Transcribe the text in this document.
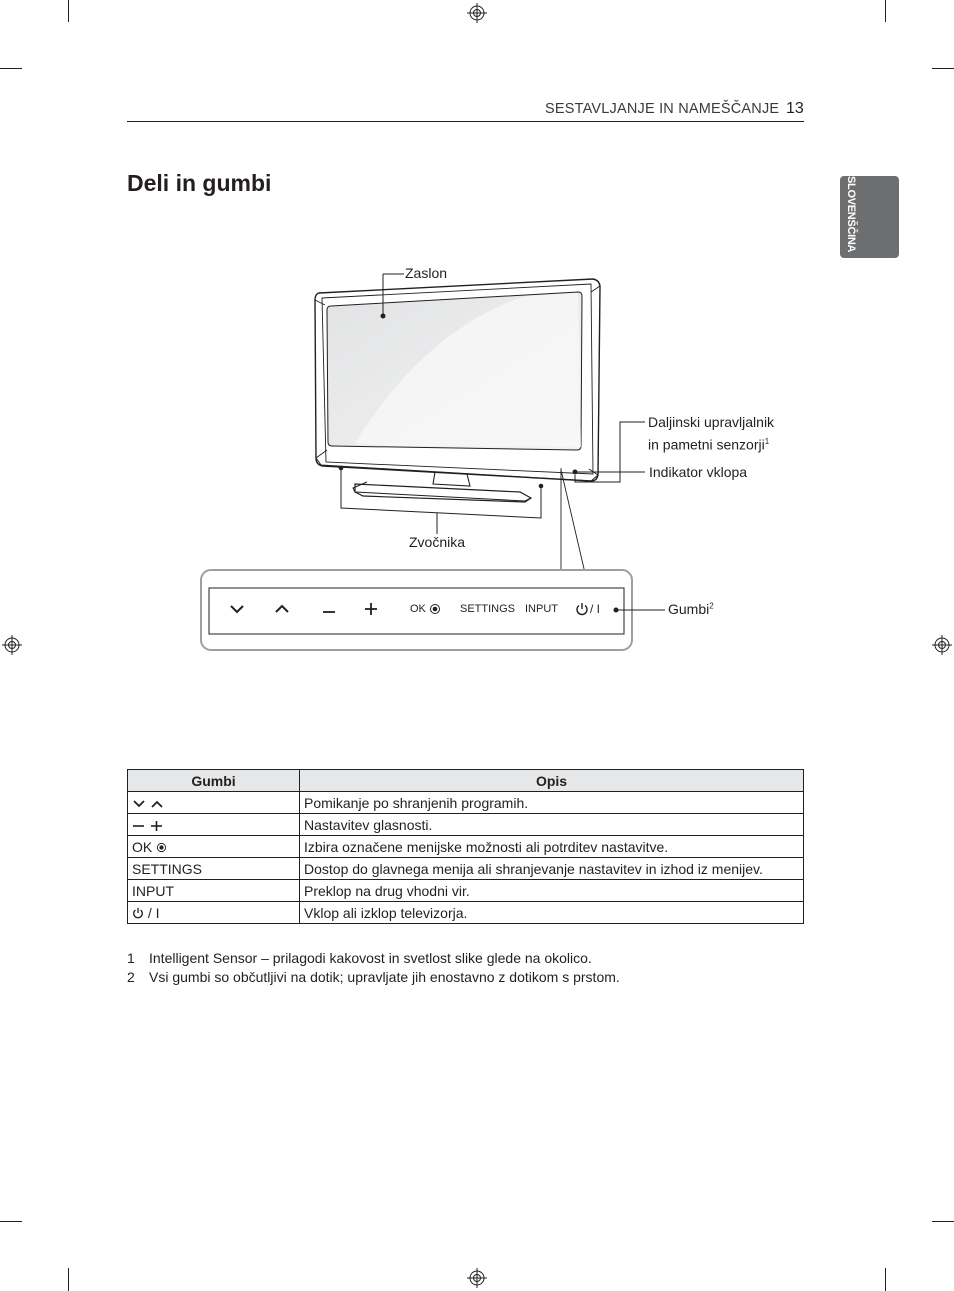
SESTAVLJANJE IN NAMEŠČANJE 13
SLOVENŠČINA
Deli in gumbi
OK	SETTINGS INPUT	/ I
Zaslon
Daljinski upravljalnik
in pametni senzorji$^1$
Indikator vklopa
Zvočnika
Gumbi$^2$
Gumbi	Opis
	Pomikanje po shranjenih programih.
	Nastavitev glasnosti.
OK	Izbira označene menijske možnosti ali potrditev nastavitve.
SETTINGS	Dostop do glavnega menija ali shranjevanje nastavitev in izhod iz menijev.
INPUT	Preklop na drug vhodni vir.
/ I	Vklop ali izklop televizorja.
1 Intelligent Sensor – prilagodi kakovost in svetlost slike glede na okolico.
2 Vsi gumbi so občutljivi na dotik; upravljate jih enostavno z dotikom s prstom.
